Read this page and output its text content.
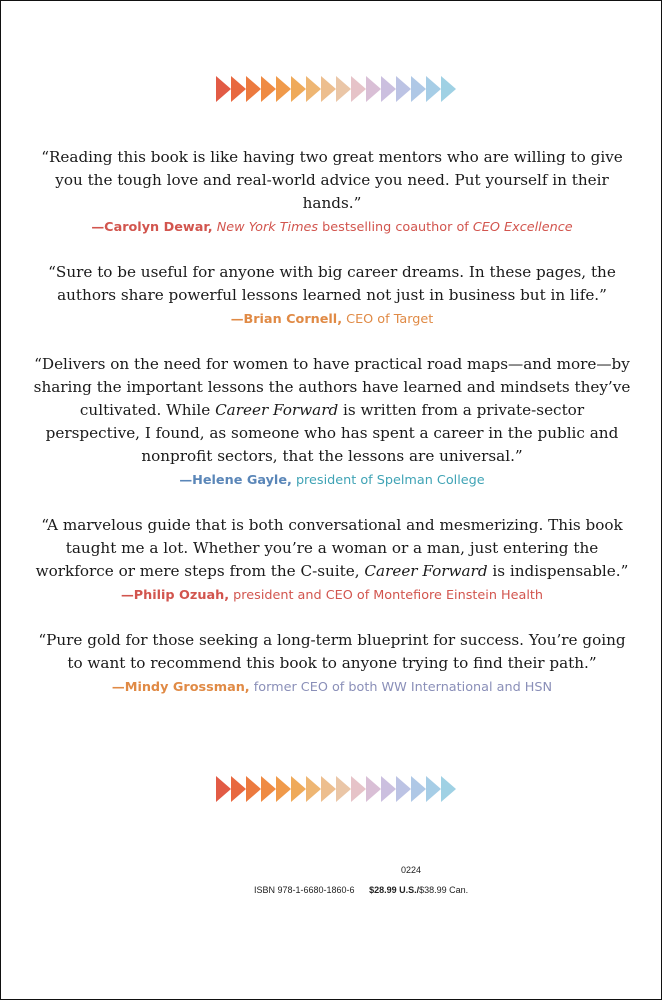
“Reading this book is like having two great mentors who are willing to give you the tough love and real-world advice you need. Put yourself in their hands.”

—Carolyn Dewar, New York Times bestselling coauthor of CEO Excellence

“Sure to be useful for anyone with big career dreams. In these pages, the authors share powerful lessons learned not just in business but in life.”

—Brian Cornell, CEO of Target

“Delivers on the need for women to have practical road maps—and more—by sharing the important lessons the authors have learned and mindsets they’ve cultivated. While Career Forward is written from a private-sector perspective, I found, as someone who has spent a career in the public and nonprofit sectors, that the lessons are universal.”

—Helene Gayle, president of Spelman College

“A marvelous guide that is both conversational and mesmerizing. This book taught me a lot. Whether you’re a woman or a man, just entering the workforce or mere steps from the C-suite, Career Forward is indispensable.”

—Philip Ozuah, president and CEO of Montefiore Einstein Health

“Pure gold for those seeking a long-term blueprint for success. You’re going to want to recommend this book to anyone trying to find their path.”

—Mindy Grossman, former CEO of both WW International and HSN

0224
ISBN 978-1-6680-1860-6 $28.99 U.S./$38.99 Can.
